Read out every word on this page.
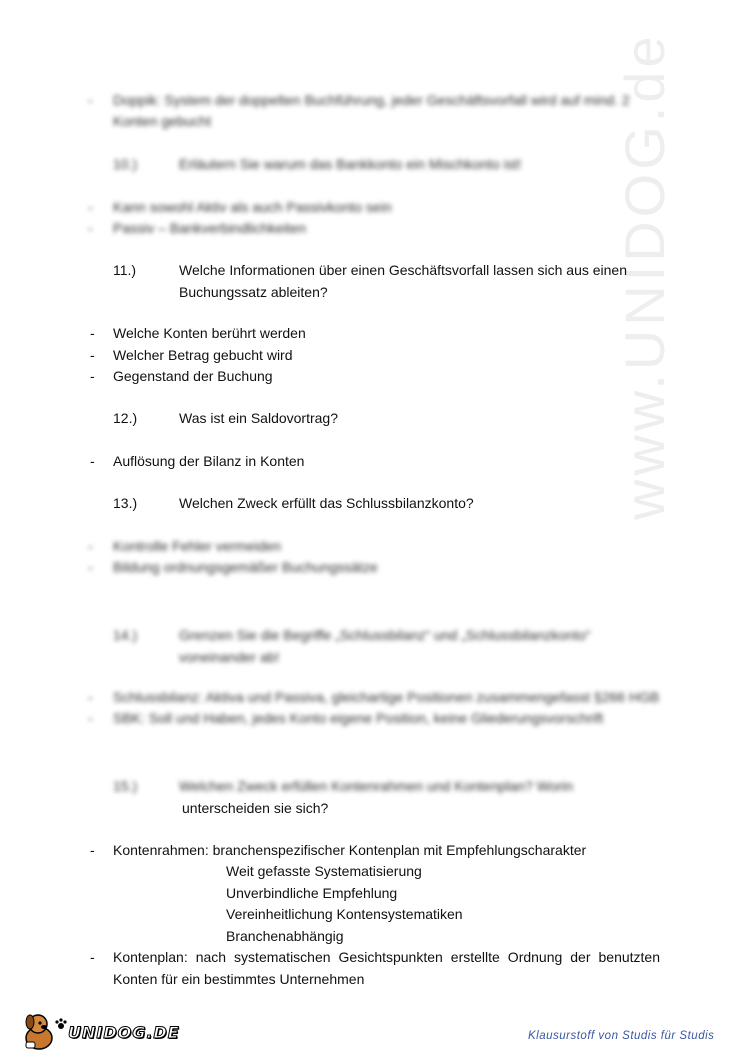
www.UNIDOG.de
- Doppik: System der doppelten Buchführung, jeder Geschäftsvorfall wird auf mind. 2
Konten gebucht
10.)	Erläutern Sie warum das Bankkonto ein Mischkonto ist!
- Kann sowohl Aktiv als auch Passivkonto sein
- Passiv – Bankverbindlichkeiten
11.)	Welche Informationen über einen Geschäftsvorfall lassen sich aus einen
Buchungssatz ableiten?
- Welche Konten berührt werden
- Welcher Betrag gebucht wird
- Gegenstand der Buchung
12.)	Was ist ein Saldovortrag?
- Auflösung der Bilanz in Konten
13.)	Welchen Zweck erfüllt das Schlussbilanzkonto?
- Kontrolle Fehler vermeiden
- Bildung ordnungsgemäßer Buchungssätze
14.)	Grenzen Sie die Begriffe „Schlussbilanz“ und „Schlussbilanzkonto“
voneinander ab!
- Schlussbilanz: Aktiva und Passiva, gleichartige Positionen zusammengefasst §266 HGB
- SBK: Soll und Haben, jedes Konto eigene Position, keine Gliederungsvorschrift
15.)	Welchen Zweck erfüllen Kontenrahmen und Kontenplan? Worin
unterscheiden sie sich?
- Kontenrahmen: branchenspezifischer Kontenplan mit Empfehlungscharakter
Weit gefasste Systematisierung
Unverbindliche Empfehlung
Vereinheitlichung Kontensystematiken
Branchenabhängig
- Kontenplan: nach systematischen Gesichtspunkten erstellte Ordnung der benutzten
Konten für ein bestimmtes Unternehmen
UNIDOG.DE	Klausurstoff von Studis für Studis
